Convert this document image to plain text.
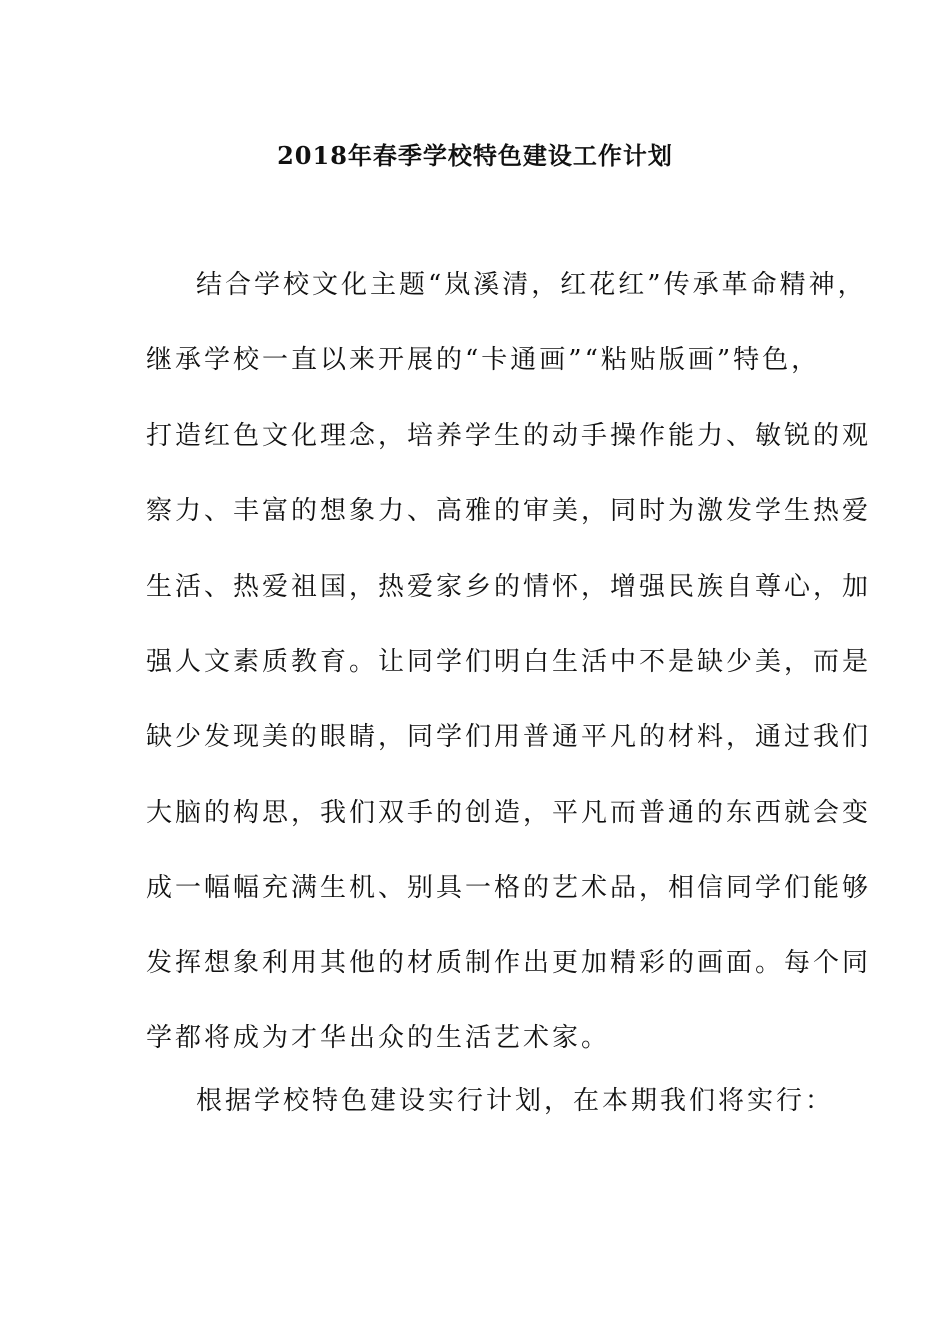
2018年春季学校特色建设工作计划
结合学校文化主题“岚溪清，红花红”传承革命精神，
继承学校一直以来开展的“卡通画”“粘贴版画”特色，
打造红色文化理念，培养学生的动手操作能力、敏锐的观
察力、丰富的想象力、高雅的审美，同时为激发学生热爱
生活、热爱祖国，热爱家乡的情怀，增强民族自尊心，加
强人文素质教育。让同学们明白生活中不是缺少美，而是
缺少发现美的眼睛，同学们用普通平凡的材料，通过我们
大脑的构思，我们双手的创造，平凡而普通的东西就会变
成一幅幅充满生机、别具一格的艺术品，相信同学们能够
发挥想象利用其他的材质制作出更加精彩的画面。每个同
学都将成为才华出众的生活艺术家。
根据学校特色建设实行计划，在本期我们将实行：
